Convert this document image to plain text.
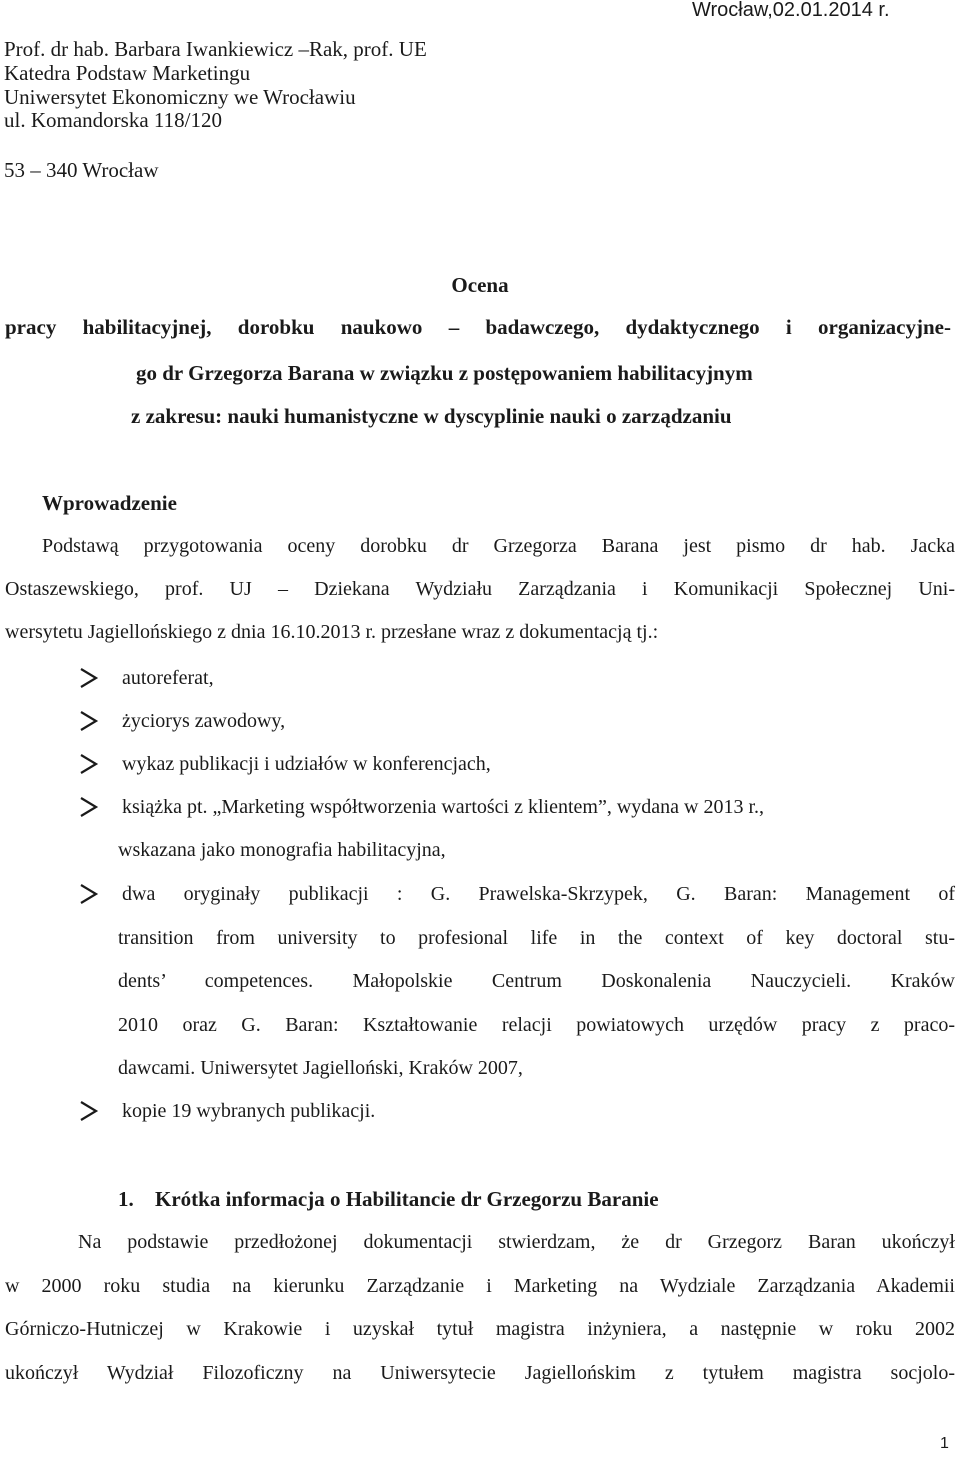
Prof. dr hab. Barbara Iwankiewicz –Rak, prof. UE
Katedra Podstaw Marketingu
Uniwersytet Ekonomiczny we Wrocławiu
ul. Komandorska 118/120
53 – 340 Wrocław
Wrocław,02.01.2014 r.
Ocena
pracy habilitacyjnej, dorobku naukowo – badawczego, dydaktycznego i organizacyjne-
go dr Grzegorza Barana w związku z postępowaniem habilitacyjnym
z zakresu: nauki humanistyczne w dyscyplinie nauki o zarządzaniu
Wprowadzenie
Podstawą przygotowania oceny dorobku dr Grzegorza Barana jest pismo dr hab. Jacka
Ostaszewskiego, prof. UJ – Dziekana Wydziału Zarządzania i Komunikacji Społecznej Uni-
wersytetu Jagiellońskiego z dnia 16.10.2013 r. przesłane wraz z dokumentacją tj.:
autoreferat,
życiorys zawodowy,
wykaz publikacji i udziałów w konferencjach,
książka pt. „Marketing współtworzenia wartości z klientem”, wydana w 2013 r.,
wskazana jako monografia habilitacyjna,
dwa oryginały publikacji : G. Prawelska-Skrzypek, G. Baran: Management of
transition from university to profesional life in the context of key doctoral stu-
dents’ competences. Małopolskie Centrum Doskonalenia Nauczycieli. Kraków
2010 oraz G. Baran: Kształtowanie relacji powiatowych urzędów pracy z praco-
dawcami. Uniwersytet Jagielloński, Kraków 2007,
kopie 19 wybranych publikacji.
1. Krótka informacja o Habilitancie dr Grzegorzu Baranie
Na podstawie przedłożonej dokumentacji stwierdzam, że dr Grzegorz Baran ukończył
w 2000 roku studia na kierunku Zarządzanie i Marketing na Wydziale Zarządzania Akademii
Górniczo-Hutniczej w Krakowie i uzyskał tytuł magistra inżyniera, a następnie w roku 2002
ukończył Wydział Filozoficzny na Uniwersytecie Jagiellońskim z tytułem magistra socjolo-
1
